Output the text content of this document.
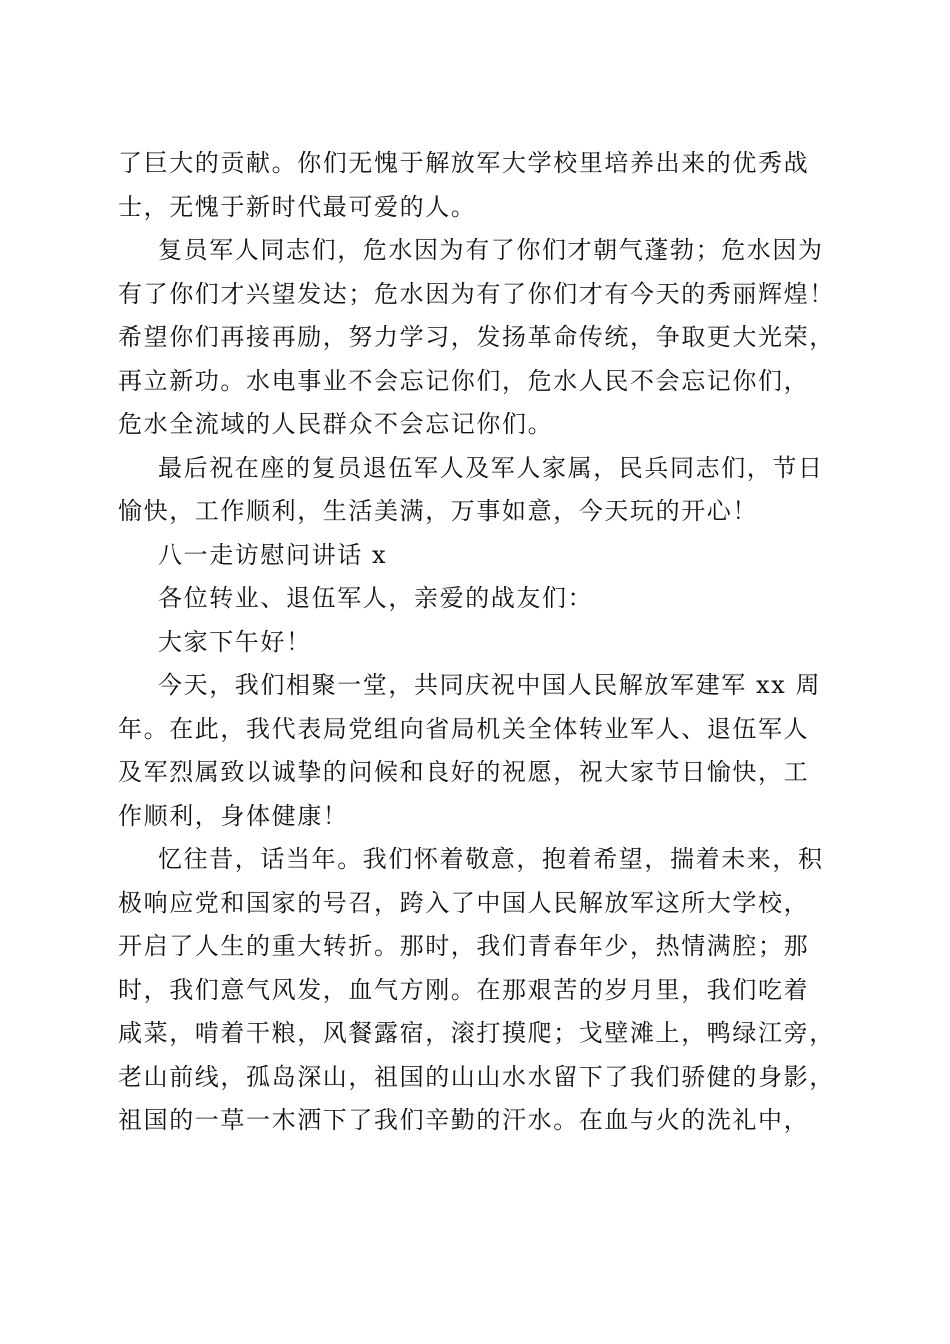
了巨大的贡献。你们无愧于解放军大学校里培养出来的优秀战
士，无愧于新时代最可爱的人。
复员军人同志们，危水因为有了你们才朝气蓬勃；危水因为
有了你们才兴望发达；危水因为有了你们才有今天的秀丽辉煌！
希望你们再接再励，努力学习，发扬革命传统，争取更大光荣，
再立新功。水电事业不会忘记你们，危水人民不会忘记你们，
危水全流域的人民群众不会忘记你们。
最后祝在座的复员退伍军人及军人家属，民兵同志们，节日
愉快，工作顺利，生活美满，万事如意，今天玩的开心！
八一走访慰问讲话 x
各位转业、退伍军人，亲爱的战友们：
大家下午好！
今天，我们相聚一堂，共同庆祝中国人民解放军建军 xx 周
年。在此，我代表局党组向省局机关全体转业军人、退伍军人
及军烈属致以诚挚的问候和良好的祝愿，祝大家节日愉快，工
作顺利，身体健康！
忆往昔，话当年。我们怀着敬意，抱着希望，揣着未来，积
极响应党和国家的号召，跨入了中国人民解放军这所大学校，
开启了人生的重大转折。那时，我们青春年少，热情满腔；那
时，我们意气风发，血气方刚。在那艰苦的岁月里，我们吃着
咸菜，啃着干粮，风餐露宿，滚打摸爬；戈壁滩上，鸭绿江旁，
老山前线，孤岛深山，祖国的山山水水留下了我们骄健的身影，
祖国的一草一木洒下了我们辛勤的汗水。在血与火的洗礼中，
